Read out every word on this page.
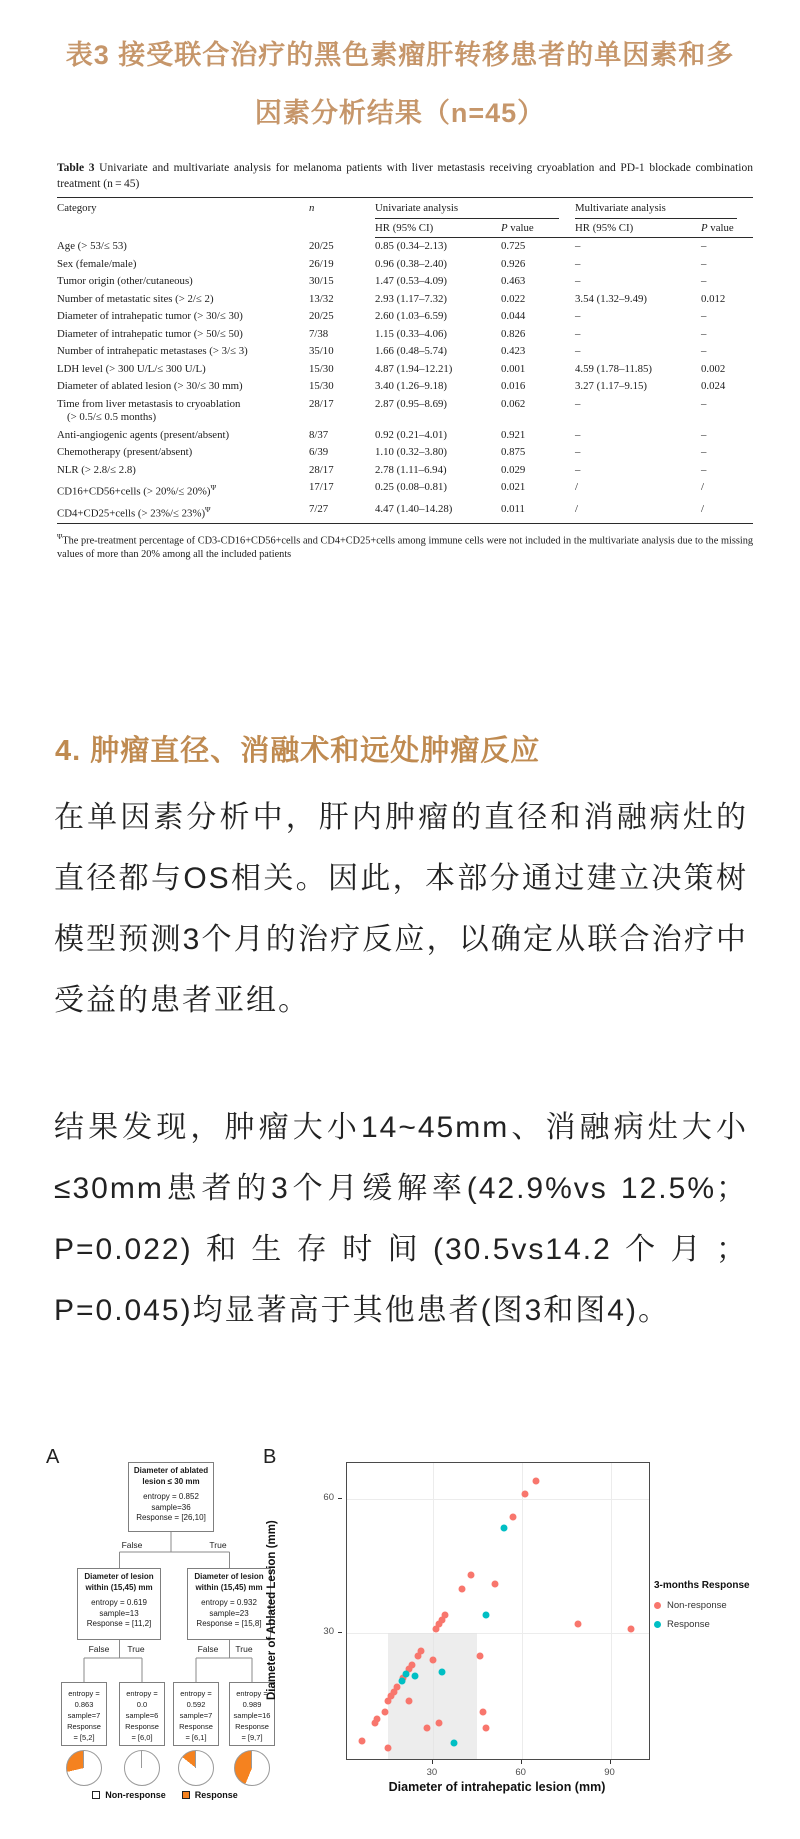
表3 接受联合治疗的黑色素瘤肝转移患者的单因素和多
因素分析结果（n=45）

Table 3 Univariate and multivariate analysis for melanoma patients with liver metastasis receiving cryoablation and PD-1 blockade combination treatment (n = 45)

Category	n	Univariate analysis		Multivariate analysis	
		HR (95% CI)	P value	HR (95% CI)	P value
Age (> 53/≤ 53)	20/25	0.85 (0.34–2.13)	0.725	–	–
Sex (female/male)	26/19	0.96 (0.38–2.40)	0.926	–	–
Tumor origin (other/cutaneous)	30/15	1.47 (0.53–4.09)	0.463	–	–
Number of metastatic sites (> 2/≤ 2)	13/32	2.93 (1.17–7.32)	0.022	3.54 (1.32–9.49)	0.012
Diameter of intrahepatic tumor (> 30/≤ 30)	20/25	2.60 (1.03–6.59)	0.044	–	–
Diameter of intrahepatic tumor (> 50/≤ 50)	7/38	1.15 (0.33–4.06)	0.826	–	–
Number of intrahepatic metastases (> 3/≤ 3)	35/10	1.66 (0.48–5.74)	0.423	–	–
LDH level (> 300 U/L/≤ 300 U/L)	15/30	4.87 (1.94–12.21)	0.001	4.59 (1.78–11.85)	0.002
Diameter of ablated lesion (> 30/≤ 30 mm)	15/30	3.40 (1.26–9.18)	0.016	3.27 (1.17–9.15)	0.024
Time from liver metastasis to cryoablation
(> 0.5/≤ 0.5 months)	28/17	2.87 (0.95–8.69)	0.062	–	–
Anti-angiogenic agents (present/absent)	8/37	0.92 (0.21–4.01)	0.921	–	–
Chemotherapy (present/absent)	6/39	1.10 (0.32–3.80)	0.875	–	–
NLR (> 2.8/≤ 2.8)	28/17	2.78 (1.11–6.94)	0.029	–	–
CD16+CD56+cells (> 20%/≤ 20%)$^\Psi$	17/17	0.25 (0.08–0.81)	0.021	/	/
CD4+CD25+cells (> 23%/≤ 23%)$^\Psi$	7/27	4.47 (1.40–14.28)	0.011	/	/

$^\Psi$The pre-treatment percentage of CD3-CD16+CD56+cells and CD4+CD25+cells among immune cells were not included in the multivariate analysis due to the missing values of more than 20% among all the included patients

4. 肿瘤直径、消融术和远处肿瘤反应

在单因素分析中，肝内肿瘤的直径和消融病灶的直径都与OS相关。因此，本部分通过建立决策树模型预测3个月的治疗反应，以确定从联合治疗中受益的患者亚组。

结果发现，肿瘤大小14~45mm、消融病灶大小≤30mm患者的3个月缓解率(42.9%vs 12.5%；P=0.022)和生存时间(30.5vs14.2个月；P=0.045)均显著高于其他患者(图3和图4)。

A
Diameter of ablated lesion ≤ 30 mm
entropy = 0.852
sample=36
Response = [26,10]
Diameter of lesion within (15,45) mm
entropy = 0.619
sample=13
Response = [11,2]
Diameter of lesion within (15,45) mm
entropy = 0.932
sample=23
Response = [15,8]
entropy =
0.863
sample=7
Response
= [5,2]
entropy =
0.0
sample=6
Response
= [6,0]
entropy =
0.592
sample=7
Response
= [6,1]
entropy =
0.989
sample=16
Response
= [9,7]
False	True
False	True	False	True
Non-response	Response
B
Diameter of Ablated Lesion (mm)	30
60
30	60	90
Diameter of intrahepatic lesion (mm)
3-months Response
Non-response
Response
